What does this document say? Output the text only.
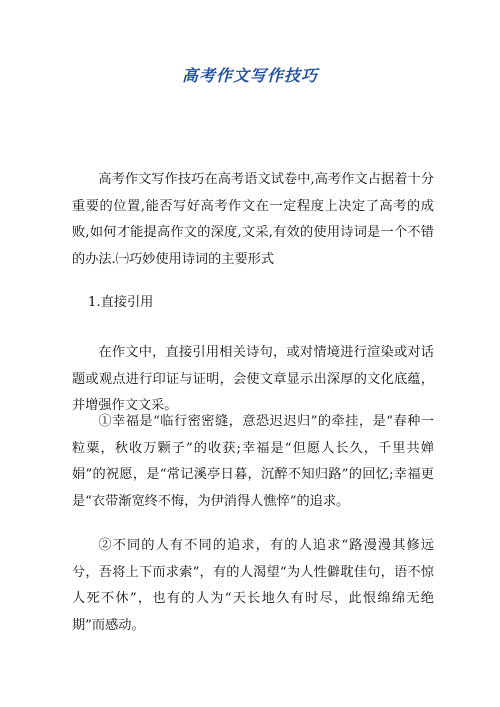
高考作文写作技巧

高考作文写作技巧在高考语文试卷中,高考作文占据着十分重要的位置,能否写好高考作文在一定程度上决定了高考的成败,如何才能提高作文的深度,文采,有效的使用诗词是一个不错的办法.㈠巧妙使用诗词的主要形式

1.直接引用

在作文中，直接引用相关诗句，或对情境进行渲染或对话题或观点进行印证与证明，会使文章显示出深厚的文化底蕴，并增强作文文采。

①幸福是“临行密密缝，意恐迟迟归”的牵挂，是“春种一粒粟，秋收万颗子”的收获;幸福是“但愿人长久，千里共婵娟”的祝愿，是“常记溪亭日暮，沉醉不知归路”的回忆;幸福更是“衣带渐宽终不悔，为伊消得人憔悴”的追求。

②不同的人有不同的追求，有的人追求“路漫漫其修远兮，吾将上下而求索”，有的人渴望“为人性僻耽佳句，语不惊人死不休”，也有的人为“天长地久有时尽，此恨绵绵无绝期”而感动。
